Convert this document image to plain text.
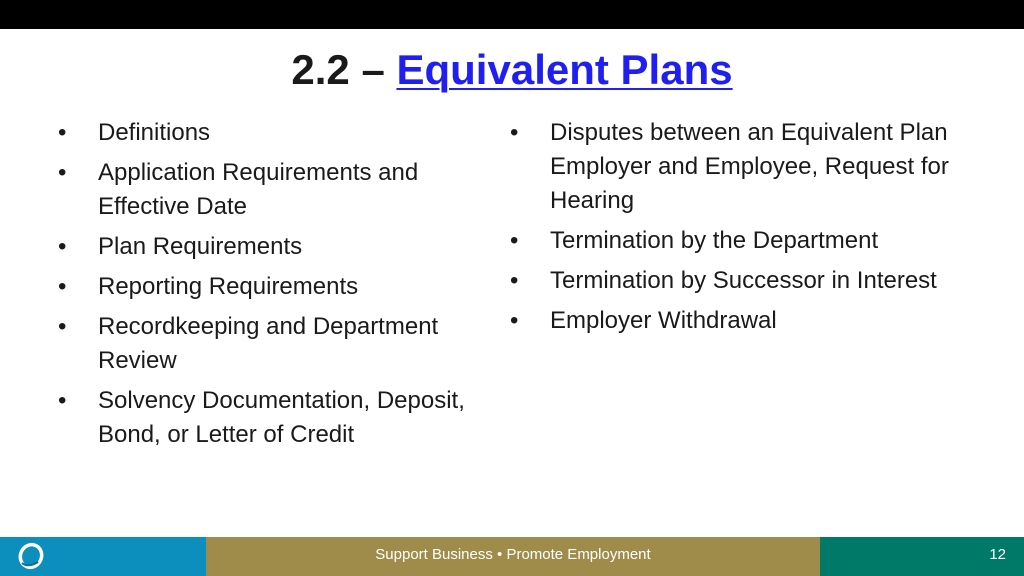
2.2 – Equivalent Plans
•	Definitions
•	Application Requirements and Effective Date
•	Plan Requirements
•	Reporting Requirements
•	Recordkeeping and Department Review
•	Solvency Documentation, Deposit, Bond, or Letter of Credit
•	Disputes between an Equivalent Plan Employer and Employee, Request for Hearing
•	Termination by the Department
•	Termination by Successor in Interest
•	Employer Withdrawal
Support Business • Promote Employment	12
